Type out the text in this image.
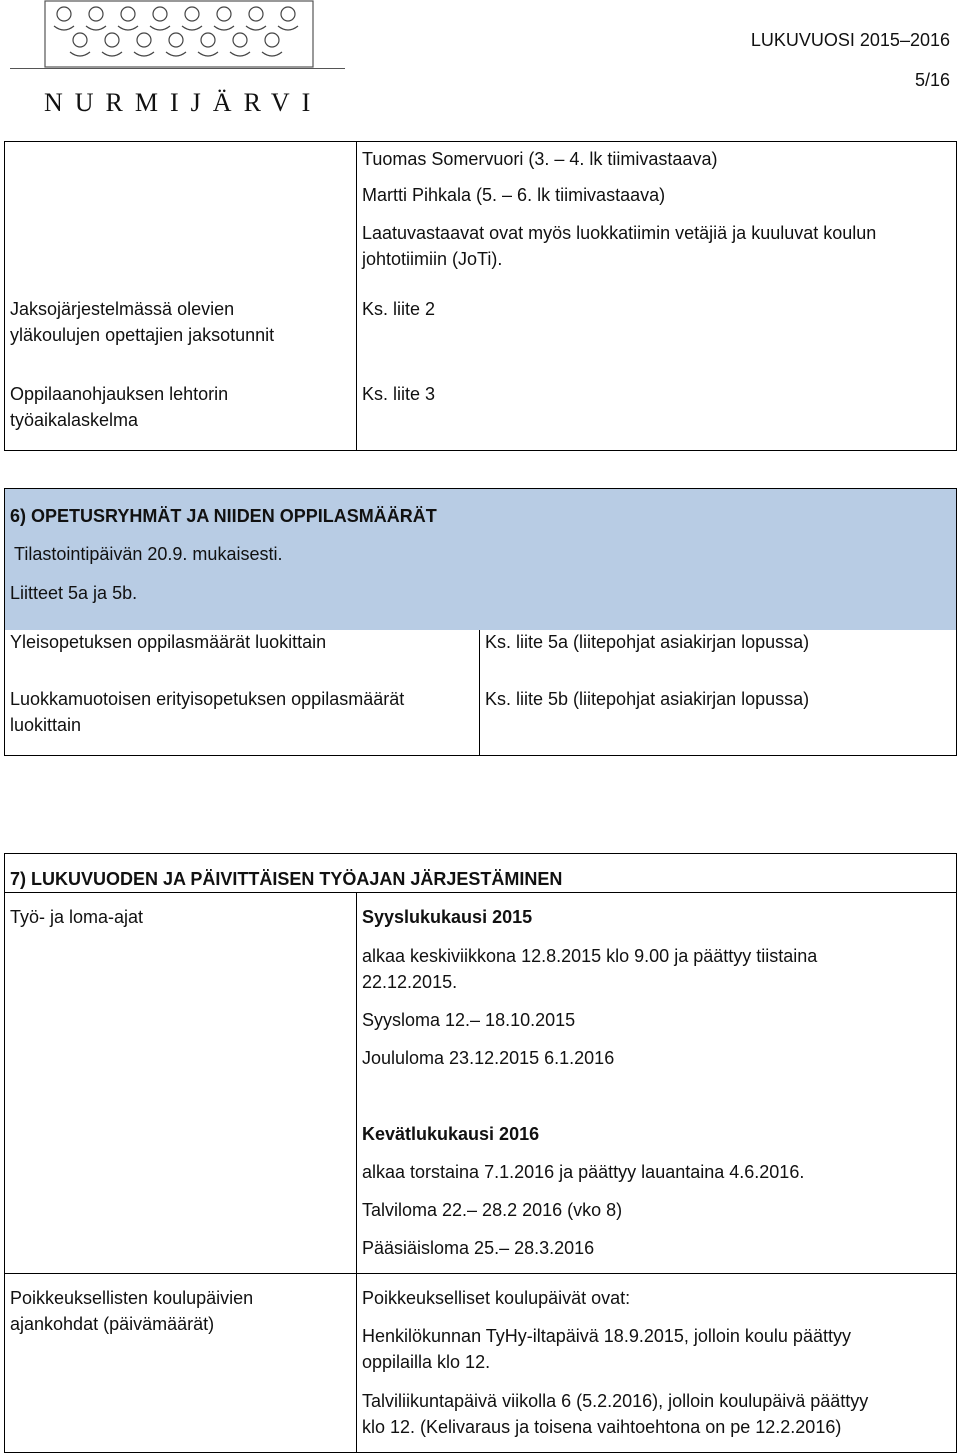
NURMIJÄRVI
LUKUVUOSI 2015–2016
5/16
Tuomas Somervuori (3. – 4. lk tiimivastaava)
Martti Pihkala (5. – 6. lk tiimivastaava)
Laatuvastaavat ovat myös luokkatiimin vetäjiä ja kuuluvat koulun
johtotiimiin (JoTi).
Jaksojärjestelmässä olevien
yläkoulujen opettajien jaksotunnit
Ks. liite 2
Oppilaanohjauksen lehtorin
työaikalaskelma
Ks. liite 3
6) OPETUSRYHMÄT JA NIIDEN OPPILASMÄÄRÄT
Tilastointipäivän 20.9. mukaisesti.
Liitteet 5a ja 5b.
Yleisopetuksen oppilasmäärät luokittain	Ks. liite 5a (liitepohjat asiakirjan lopussa)
Luokkamuotoisen erityisopetuksen oppilasmäärät
luokittain
Ks. liite 5b (liitepohjat asiakirjan lopussa)
7) LUKUVUODEN JA PÄIVITTÄISEN TYÖAJAN JÄRJESTÄMINEN
Työ- ja loma-ajat	Syyslukukausi 2015
alkaa keskiviikkona 12.8.2015 klo 9.00 ja päättyy tiistaina
22.12.2015.
Syysloma 12.– 18.10.2015
Joululoma 23.12.2015 6.1.2016
Kevätlukukausi 2016
alkaa torstaina 7.1.2016 ja päättyy lauantaina 4.6.2016.
Talviloma 22.– 28.2 2016 (vko 8)
Pääsiäisloma 25.– 28.3.2016
Poikkeuksellisten koulupäivien
ajankohdat (päivämäärät)
Poikkeukselliset koulupäivät ovat:
Henkilökunnan TyHy-iltapäivä 18.9.2015, jolloin koulu päättyy
oppilailla klo 12.
Talviliikuntapäivä viikolla 6 (5.2.2016), jolloin koulupäivä päättyy
klo 12. (Kelivaraus ja toisena vaihtoehtona on pe 12.2.2016)
